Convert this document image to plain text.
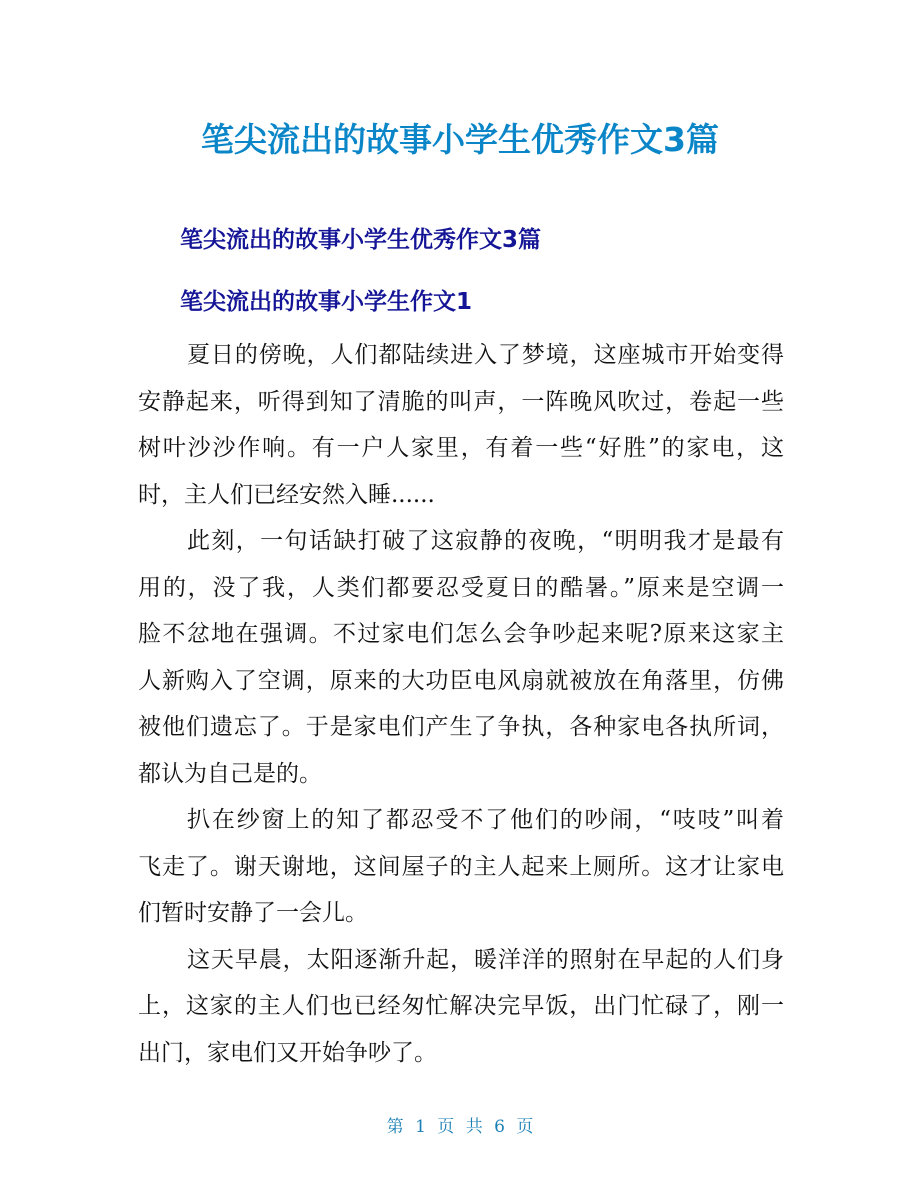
笔尖流出的故事小学生优秀作文3篇
笔尖流出的故事小学生优秀作文3篇
笔尖流出的故事小学生作文1
夏日的傍晚，人们都陆续进入了梦境，这座城市开始变得
安静起来，听得到知了清脆的叫声，一阵晚风吹过，卷起一些
树叶沙沙作响。有一户人家里，有着一些“好胜”的家电，这
时，主人们已经安然入睡......
此刻，一句话缺打破了这寂静的夜晚，“明明我才是最有
用的，没了我，人类们都要忍受夏日的酷暑。”原来是空调一
脸不忿地在强调。不过家电们怎么会争吵起来呢?原来这家主
人新购入了空调，原来的大功臣电风扇就被放在角落里，仿佛
被他们遗忘了。于是家电们产生了争执，各种家电各执所词，
都认为自己是的。
扒在纱窗上的知了都忍受不了他们的吵闹，“吱吱”叫着
飞走了。谢天谢地，这间屋子的主人起来上厕所。这才让家电
们暂时安静了一会儿。
这天早晨，太阳逐渐升起，暖洋洋的照射在早起的人们身
上，这家的主人们也已经匆忙解决完早饭，出门忙碌了，刚一
出门，家电们又开始争吵了。
第 1 页 共 6 页
